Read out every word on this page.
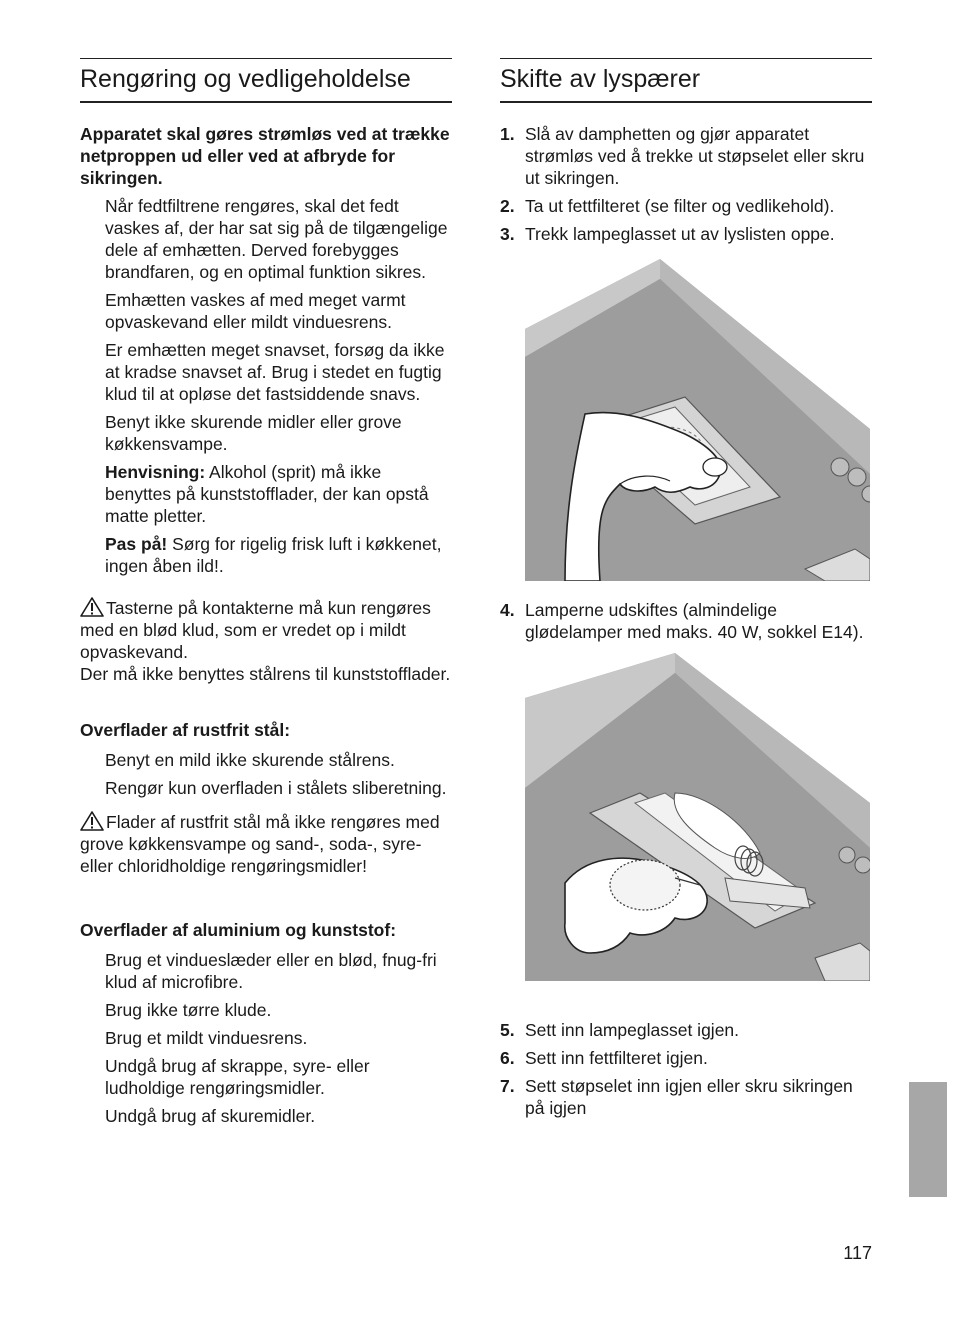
Rengøring og vedligeholdelse

Apparatet skal gøres strømløs ved at trække netproppen ud eller ved at afbryde for sikringen.

Når fedtfiltrene rengøres, skal det fedt vaskes af, der har sat sig på de tilgængelige dele af emhætten. Derved forebygges brandfaren, og en optimal funktion sikres.

Emhætten vaskes af med meget varmt opvaskevand eller mildt vinduesrens.

Er emhætten meget snavset, forsøg da ikke at kradse snavset af. Brug i stedet en fugtig klud til at opløse det fastsiddende snavs.

Benyt ikke skurende midler eller grove køkkensvampe.

Henvisning: Alkohol (sprit) må ikke benyttes på kunststofflader, der kan opstå matte pletter.

Pas på! Sørg for rigelig frisk luft i køkkenet, ingen åben ild!.

Tasterne på kontakterne må kun rengøres med en blød klud, som er vredet op i mildt opvaskevand.

Der må ikke benyttes stålrens til kunststofflader.

Overflader af rustfrit stål:

Benyt en mild ikke skurende stålrens.

Rengør kun overfladen i stålets sliberetning.

Flader af rustfrit stål må ikke rengøres med grove køkkensvampe og sand-, soda-, syre- eller chloridholdige rengøringsmidler!

Overflader af aluminium og kunststof:

Brug et vindueslæder eller en blød, fnug-fri klud af microfibre.

Brug ikke tørre klude.

Brug et mildt vinduesrens.

Undgå brug af skrappe, syre- eller ludholdige rengøringsmidler.

Undgå brug af skuremidler.

Skifte av lyspærer
1. Slå av damphetten og gjør apparatet strømløs ved å trekke ut støpselet eller skru ut sikringen.
2. Ta ut fettfilteret (se filter og vedlikehold).
3. Trekk lampeglasset ut av lyslisten oppe.
4. Lamperne udskiftes (almindelige glødelamper med maks. 40 W, sokkel E14).
5. Sett inn lampeglasset igjen.
6. Sett inn fettfilteret igjen.
7. Sett støpselet inn igjen eller skru sikringen på igjen
117
